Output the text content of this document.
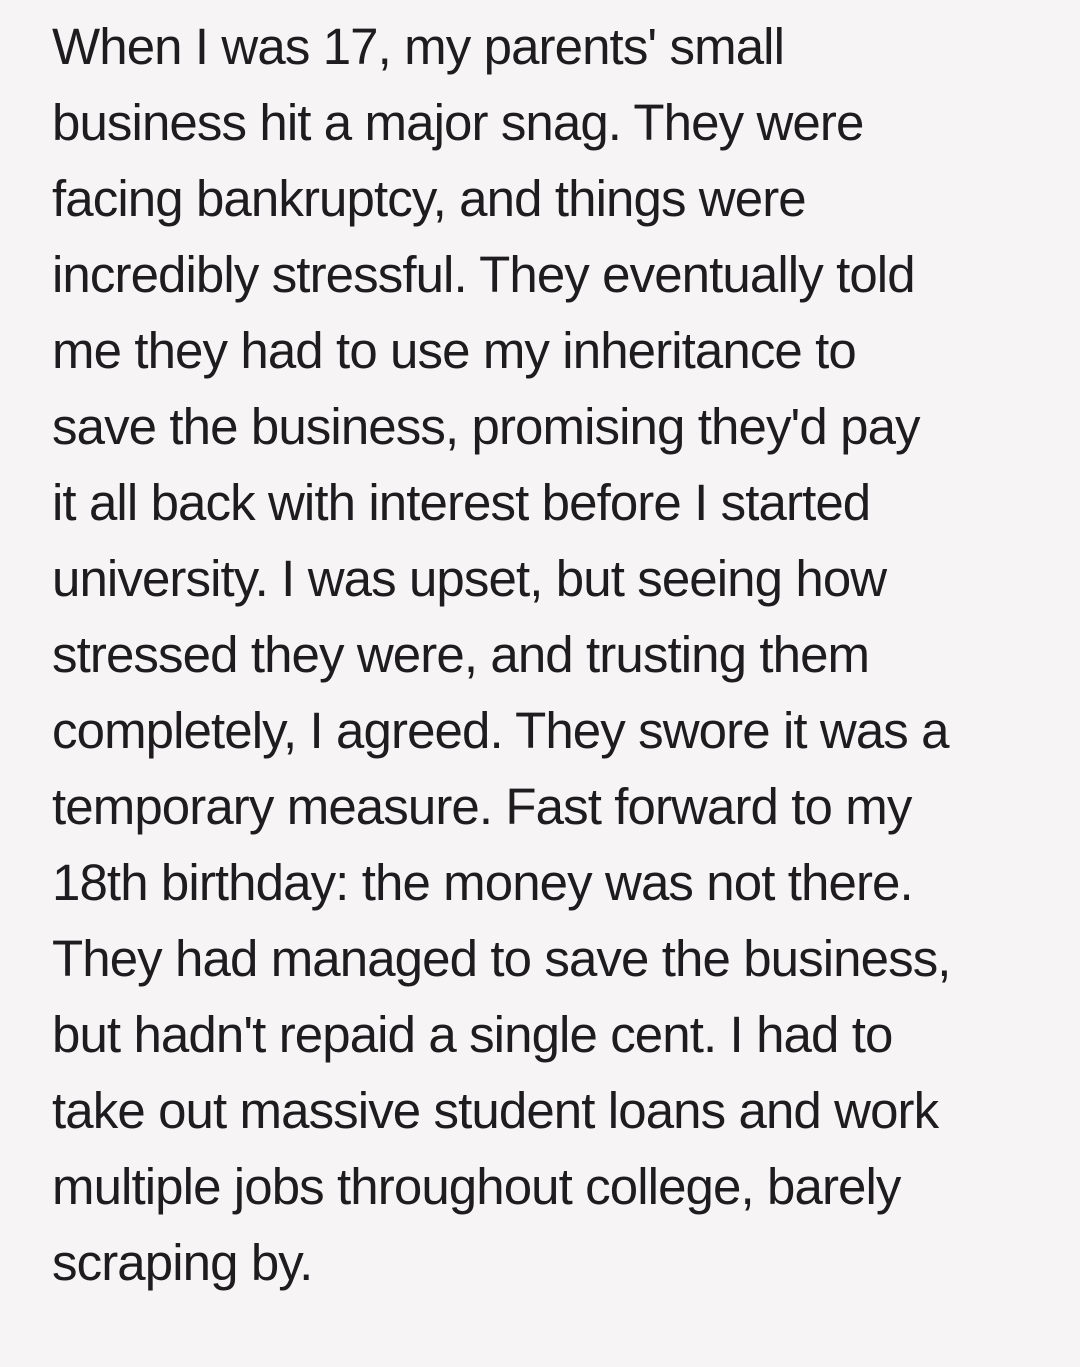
When I was 17, my parents' small
business hit a major snag. They were
facing bankruptcy, and things were
incredibly stressful. They eventually told
me they had to use my inheritance to
save the business, promising they'd pay
it all back with interest before I started
university. I was upset, but seeing how
stressed they were, and trusting them
completely, I agreed. They swore it was a
temporary measure. Fast forward to my
18th birthday: the money was not there.
They had managed to save the business,
but hadn't repaid a single cent. I had to
take out massive student loans and work
multiple jobs throughout college, barely
scraping by.
